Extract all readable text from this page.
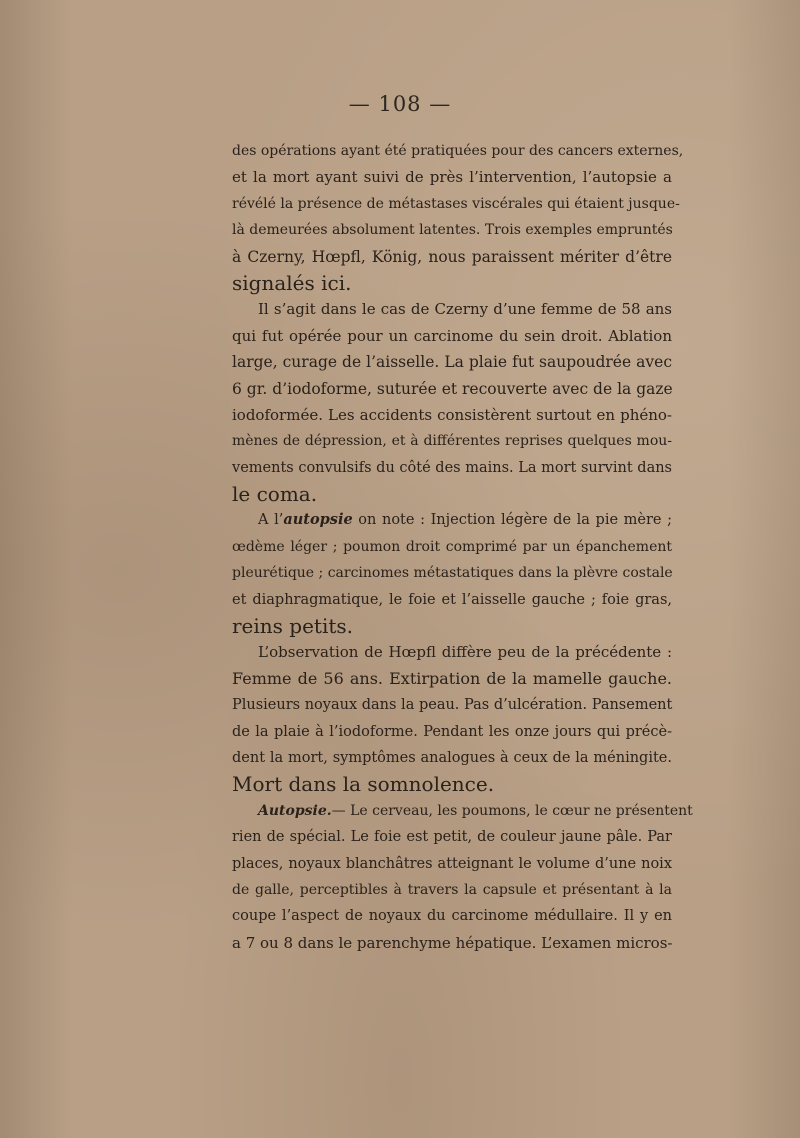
— 108 —
des opérations ayant été pratiquées pour des cancers externes,
et la mort ayant suivi de près l’intervention, l’autopsie a
révélé la présence de métastases viscérales qui étaient jusque-
là demeurées absolument latentes. Trois exemples empruntés
à Czerny, Hœpfl, König, nous paraissent mériter d’être
signalés ici.
Il s’agit dans le cas de Czerny d’une femme de 58 ans
qui fut opérée pour un carcinome du sein droit. Ablation
large, curage de l’aisselle. La plaie fut saupoudrée avec
6 gr. d’iodoforme, suturée et recouverte avec de la gaze
iodoformée. Les accidents consistèrent surtout en phéno-
mènes de dépression, et à différentes reprises quelques mou-
vements convulsifs du côté des mains. La mort survint dans
le coma.
A l’autopsie on note : Injection légère de la pie mère ;
œdème léger ; poumon droit comprimé par un épanchement
pleurétique ; carcinomes métastatiques dans la plèvre costale
et diaphragmatique, le foie et l’aisselle gauche ; foie gras,
reins petits.
L’observation de Hœpfl diffère peu de la précédente :
Femme de 56 ans. Extirpation de la mamelle gauche.
Plusieurs noyaux dans la peau. Pas d’ulcération. Pansement
de la plaie à l’iodoforme. Pendant les onze jours qui précè-
dent la mort, symptômes analogues à ceux de la méningite.
Mort dans la somnolence.
Autopsie.— Le cerveau, les poumons, le cœur ne présentent
rien de spécial. Le foie est petit, de couleur jaune pâle. Par
places, noyaux blanchâtres atteignant le volume d’une noix
de galle, perceptibles à travers la capsule et présentant à la
coupe l’aspect de noyaux du carcinome médullaire. Il y en
a 7 ou 8 dans le parenchyme hépatique. L’examen micros-
